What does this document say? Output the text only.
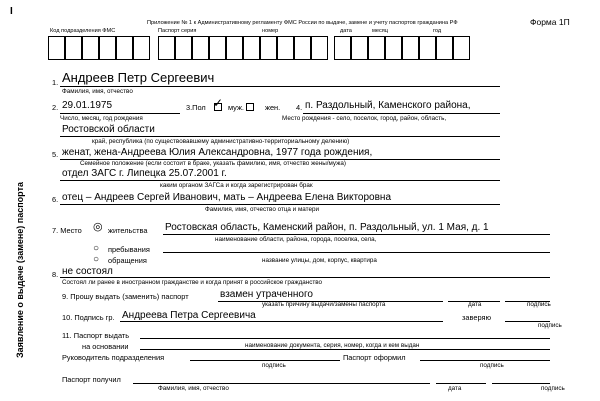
I
Приложение № 1 к Административному регламенту ФМС России по выдаче, замене и учету паспортов гражданина РФ	Форма 1П
Код подразделения ФМС	Паспорт серия	номер	дата	месяц	год
Заявление о выдаче (замене) паспорта
1. Андреев Петр Сергеевич
Фамилия, имя, отчество
2. 29.01.1975	3.Пол ✓ муж.	жен. 4. п. Раздольный, Каменского района,
Число, месяц, год рождения	Место рождения - село, поселок, город, район, область,
Ростовской области
край, республика (по существовавшему административно-территориальному делению)
5. женат, жена-Андреева Юлия Александровна, 1977 года рождения,
Семейное положение (если состоит в браке, указать фамилию, имя, отчество жены/мужа)
отдел ЗАГС г. Липецка 25.07.2001 г.
каким органом ЗАГСа и когда зарегистрирован брак
6. отец – Андреев Сергей Иванович, мать – Андреева Елена Викторовна
Фамилия, имя, отчество отца и матери
7. Место ◎ жительства Ростовская область, Каменский район, п. Раздольный, ул. 1 Мая, д. 1
наименование области, района, города, поселка, села,
○ пребывания
○ обращения	название улицы, дом, корпус, квартира
8. не состоял
Состоял ли ранее в иностранном гражданстве и когда принят в российское гражданство
9. Прошу выдать (заменить) паспорт	взамен утраченного
указать причину выдачи/замены паспорта	дата	подпись
10. Подпись гр. Андреева Петра Сергеевича	заверяю
подпись
11. Паспорт выдать
на основании	наименование документа, серия, номер, когда и кем выдан
Руководитель подразделения	Паспорт оформил
подпись	подпись
Паспорт получил
Фамилия, имя, отчество	дата	подпись
